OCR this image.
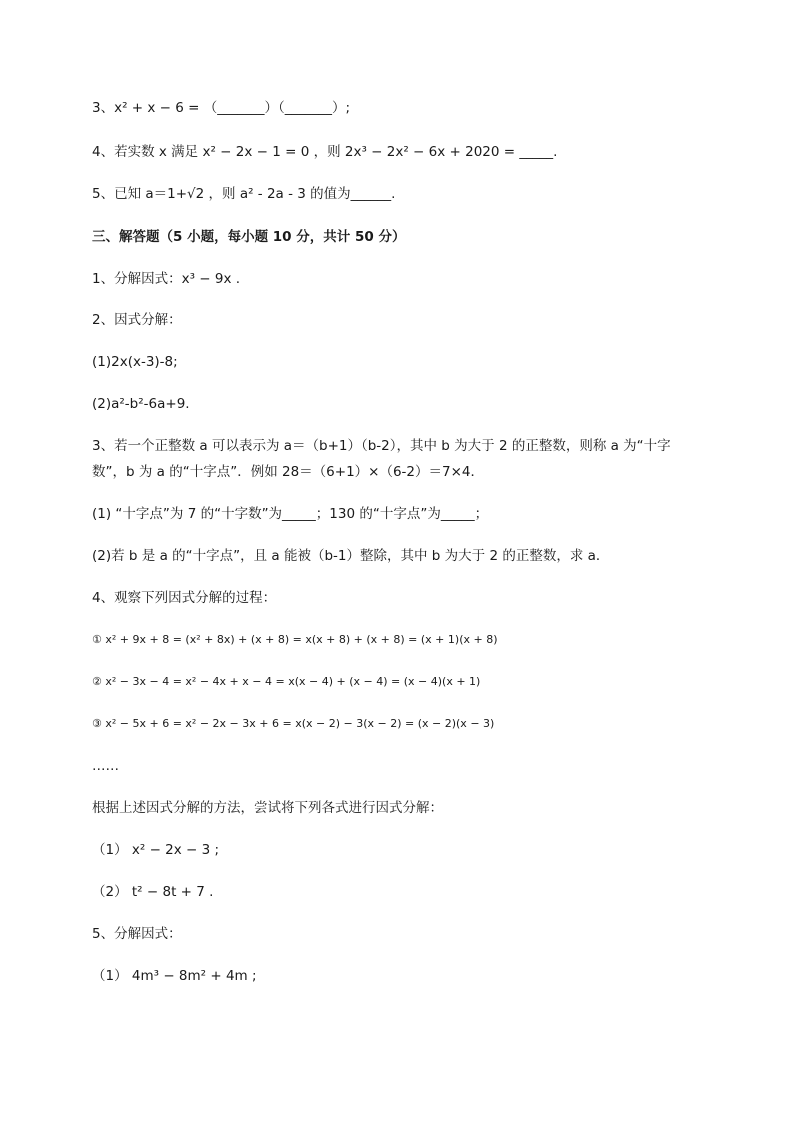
3、x² + x − 6 = （_______）（_______）;
4、若实数 x 满足 x² − 2x − 1 = 0 ，则 2x³ − 2x² − 6x + 2020 = _____.
5、已知 a＝1+√2 ，则 a² - 2a - 3 的值为______.
三、解答题（5 小题，每小题 10 分，共计 50 分）
1、分解因式：x³ − 9x .
2、因式分解：
(1)2x(x-3)-8;
(2)a²-b²-6a+9.
3、若一个正整数 a 可以表示为 a＝（b+1）（b-2），其中 b 为大于 2 的正整数，则称 a 为“十字
数”，b 为 a 的“十字点”．例如 28＝（6+1）×（6-2）＝7×4．
(1) “十字点”为 7 的“十字数”为_____；130 的“十字点”为_____；
(2)若 b 是 a 的“十字点”，且 a 能被（b-1）整除，其中 b 为大于 2 的正整数，求 a．
4、观察下列因式分解的过程：
① x² + 9x + 8 = (x² + 8x) + (x + 8) = x(x + 8) + (x + 8) = (x + 1)(x + 8)
② x² − 3x − 4 = x² − 4x + x − 4 = x(x − 4) + (x − 4) = (x − 4)(x + 1)
③ x² − 5x + 6 = x² − 2x − 3x + 6 = x(x − 2) − 3(x − 2) = (x − 2)(x − 3)
……
根据上述因式分解的方法，尝试将下列各式进行因式分解：
（1） x² − 2x − 3 ;
（2） t² − 8t + 7 .
5、分解因式：
（1） 4m³ − 8m² + 4m ;
